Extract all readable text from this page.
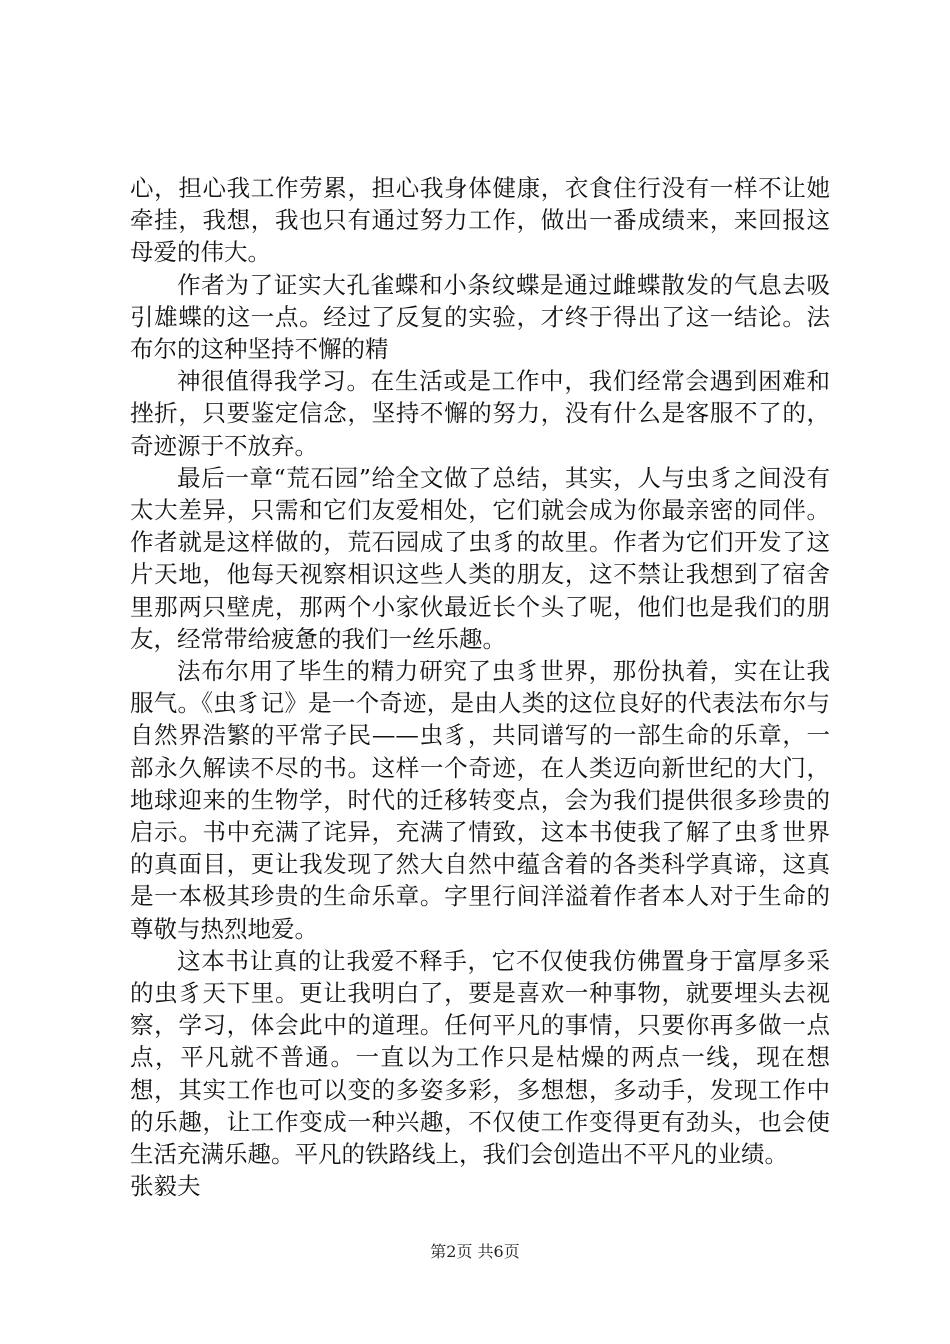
心，担心我工作劳累，担心我身体健康，衣食住行没有一样不让她牵挂，我想，我也只有通过努力工作，做出一番成绩来，来回报这母爱的伟大。

作者为了证实大孔雀蝶和小条纹蝶是通过雌蝶散发的气息去吸引雄蝶的这一点。经过了反复的实验，才终于得出了这一结论。法布尔的这种坚持不懈的精

神很值得我学习。在生活或是工作中，我们经常会遇到困难和挫折，只要鉴定信念，坚持不懈的努力，没有什么是客服不了的，奇迹源于不放弃。

最后一章“荒石园”给全文做了总结，其实，人与虫豸之间没有太大差异，只需和它们友爱相处，它们就会成为你最亲密的同伴。作者就是这样做的，荒石园成了虫豸的故里。作者为它们开发了这片天地，他每天视察相识这些人类的朋友，这不禁让我想到了宿舍里那两只壁虎，那两个小家伙最近长个头了呢，他们也是我们的朋友，经常带给疲惫的我们一丝乐趣。

法布尔用了毕生的精力研究了虫豸世界，那份执着，实在让我服气。《虫豸记》是一个奇迹，是由人类的这位良好的代表法布尔与自然界浩繁的平常子民——虫豸，共同谱写的一部生命的乐章，一部永久解读不尽的书。这样一个奇迹，在人类迈向新世纪的大门，地球迎来的生物学，时代的迁移转变点，会为我们提供很多珍贵的启示。书中充满了诧异，充满了情致，这本书使我了解了虫豸世界的真面目，更让我发现了然大自然中蕴含着的各类科学真谛，这真是一本极其珍贵的生命乐章。字里行间洋溢着作者本人对于生命的尊敬与热烈地爱。

这本书让真的让我爱不释手，它不仅使我仿佛置身于富厚多采的虫豸天下里。更让我明白了，要是喜欢一种事物，就要埋头去视察，学习，体会此中的道理。任何平凡的事情，只要你再多做一点点，平凡就不普通。一直以为工作只是枯燥的两点一线，现在想想，其实工作也可以变的多姿多彩，多想想，多动手，发现工作中的乐趣，让工作变成一种兴趣，不仅使工作变得更有劲头，也会使生活充满乐趣。平凡的铁路线上，我们会创造出不平凡的业绩。

张毅夫

第2页 共6页
